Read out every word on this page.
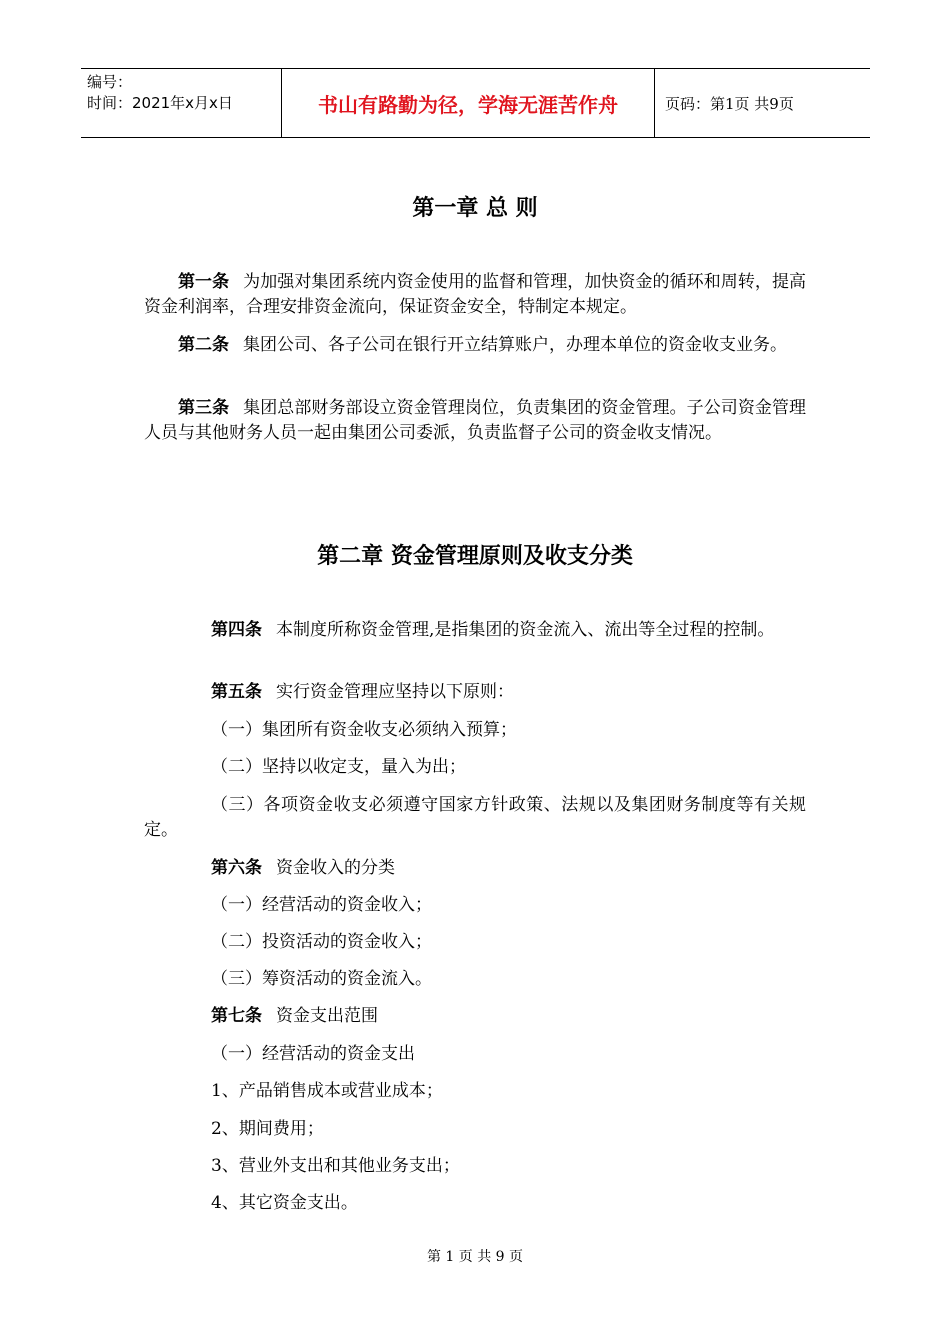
编号：
时间：2021年x月x日	书山有路勤为径，学海无涯苦作舟	页码：第1页 共9页
第一章 总 则
第一条 为加强对集团系统内资金使用的监督和管理，加快资金的循环和周转，提高资金利润率，合理安排资金流向，保证资金安全，特制定本规定。
第二条 集团公司、各子公司在银行开立结算账户，办理本单位的资金收支业务。
第三条 集团总部财务部设立资金管理岗位，负责集团的资金管理。子公司资金管理人员与其他财务人员一起由集团公司委派，负责监督子公司的资金收支情况。
第二章 资金管理原则及收支分类
第四条 本制度所称资金管理,是指集团的资金流入、流出等全过程的控制。
第五条 实行资金管理应坚持以下原则：
（一）集团所有资金收支必须纳入预算；
（二）坚持以收定支，量入为出；
（三）各项资金收支必须遵守国家方针政策、法规以及集团财务制度等有关规定。
第六条 资金收入的分类
（一）经营活动的资金收入；
（二）投资活动的资金收入；
（三）筹资活动的资金流入。
第七条 资金支出范围
（一）经营活动的资金支出
1、产品销售成本或营业成本；
2、期间费用；
3、营业外支出和其他业务支出；
4、其它资金支出。
第 1 页 共 9 页
